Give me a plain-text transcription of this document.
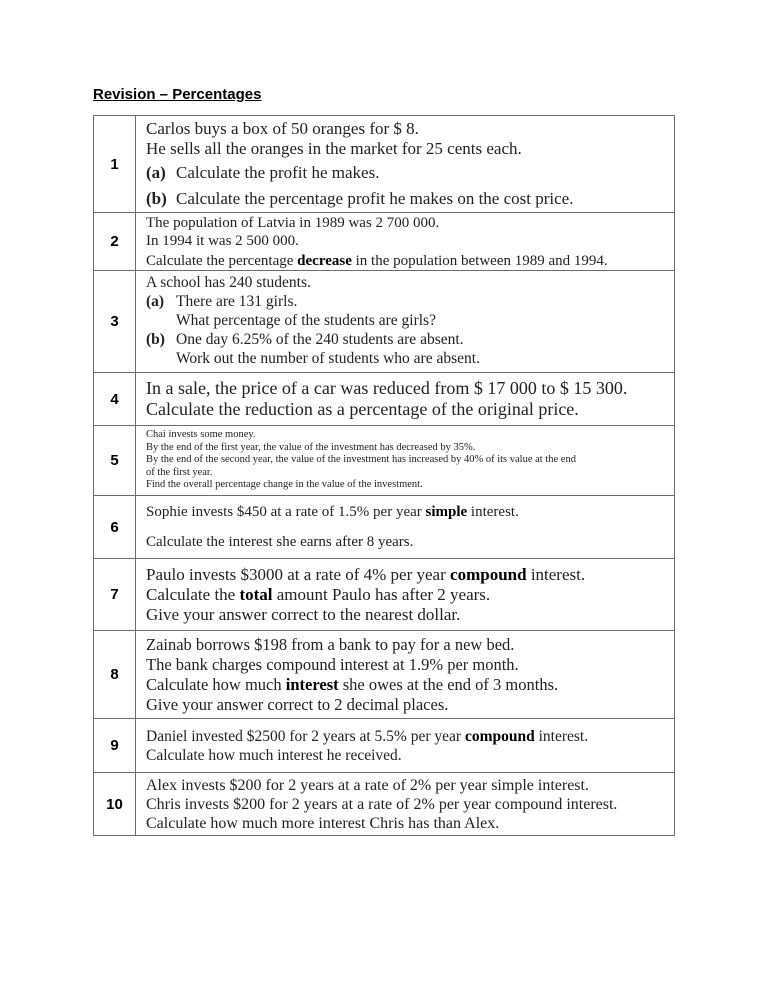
Revision – Percentages
1	Carlos buys a box of 50 oranges for $ 8.
He sells all the oranges in the market for 25 cents each.
(a) Calculate the profit he makes.
(b) Calculate the percentage profit he makes on the cost price.

2	The population of Latvia in 1989 was 2 700 000.
In 1994 it was 2 500 000.
Calculate the percentage decrease in the population between 1989 and 1994.

3	A school has 240 students.
(a) There are 131 girls.
What percentage of the students are girls?
(b) One day 6.25% of the 240 students are absent.
Work out the number of students who are absent.

4	In a sale, the price of a car was reduced from $ 17 000 to $ 15 300.
Calculate the reduction as a percentage of the original price.

5	Chai invests some money.
By the end of the first year, the value of the investment has decreased by 35%.
By the end of the second year, the value of the investment has increased by 40% of its value at the end
of the first year.
Find the overall percentage change in the value of the investment.

6	Sophie invests $450 at a rate of 1.5% per year simple interest.
Calculate the interest she earns after 8 years.

7	Paulo invests $3000 at a rate of 4% per year compound interest.
Calculate the total amount Paulo has after 2 years.
Give your answer correct to the nearest dollar.

8	Zainab borrows $198 from a bank to pay for a new bed.
The bank charges compound interest at 1.9% per month.
Calculate how much interest she owes at the end of 3 months.
Give your answer correct to 2 decimal places.

9	Daniel invested $2500 for 2 years at 5.5% per year compound interest.
Calculate how much interest he received.

10	Alex invests $200 for 2 years at a rate of 2% per year simple interest.
Chris invests $200 for 2 years at a rate of 2% per year compound interest.
Calculate how much more interest Chris has than Alex.
